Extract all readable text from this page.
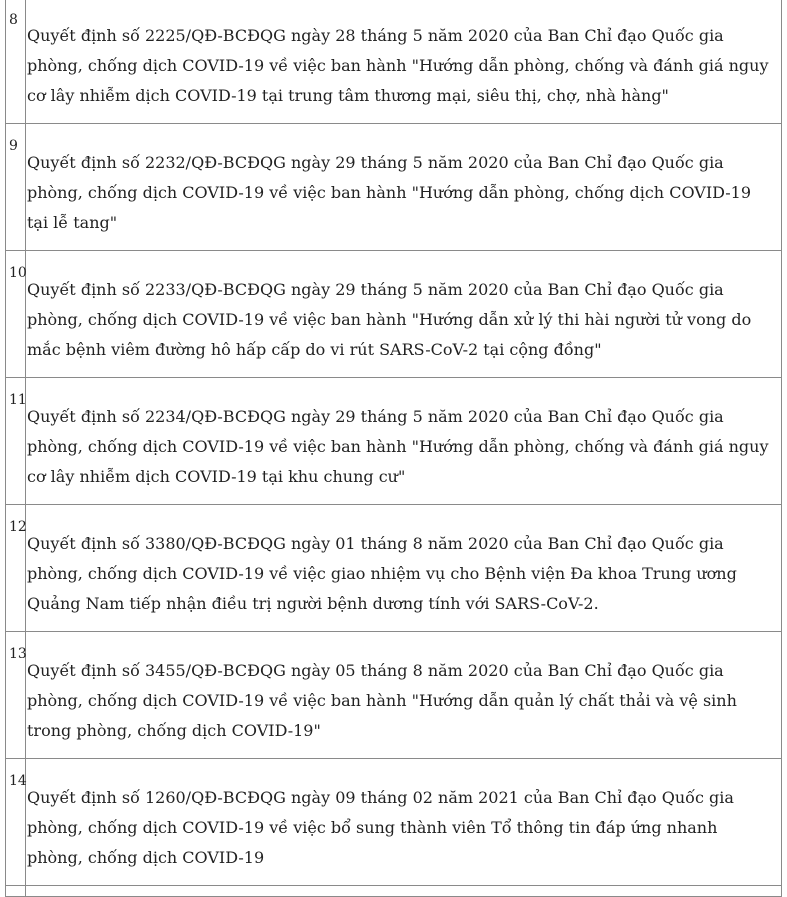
8	Quyết định số 2225/QĐ-BCĐQG ngày 28 tháng 5 năm 2020 của Ban Chỉ đạo Quốc gia phòng, chống dịch COVID-19 về việc ban hành "Hướng dẫn phòng, chống và đánh giá nguy cơ lây nhiễm dịch COVID-19 tại trung tâm thương mại, siêu thị, chợ, nhà hàng"
9	Quyết định số 2232/QĐ-BCĐQG ngày 29 tháng 5 năm 2020 của Ban Chỉ đạo Quốc gia phòng, chống dịch COVID-19 về việc ban hành "Hướng dẫn phòng, chống dịch COVID-19 tại lễ tang"
10	Quyết định số 2233/QĐ-BCĐQG ngày 29 tháng 5 năm 2020 của Ban Chỉ đạo Quốc gia phòng, chống dịch COVID-19 về việc ban hành "Hướng dẫn xử lý thi hài người tử vong do mắc bệnh viêm đường hô hấp cấp do vi rút SARS-CoV-2 tại cộng đồng"
11	Quyết định số 2234/QĐ-BCĐQG ngày 29 tháng 5 năm 2020 của Ban Chỉ đạo Quốc gia phòng, chống dịch COVID-19 về việc ban hành "Hướng dẫn phòng, chống và đánh giá nguy cơ lây nhiễm dịch COVID-19 tại khu chung cư"
12	Quyết định số 3380/QĐ-BCĐQG ngày 01 tháng 8 năm 2020 của Ban Chỉ đạo Quốc gia phòng, chống dịch COVID-19 về việc giao nhiệm vụ cho Bệnh viện Đa khoa Trung ương Quảng Nam tiếp nhận điều trị người bệnh dương tính với SARS-CoV-2.
13	Quyết định số 3455/QĐ-BCĐQG ngày 05 tháng 8 năm 2020 của Ban Chỉ đạo Quốc gia phòng, chống dịch COVID-19 về việc ban hành "Hướng dẫn quản lý chất thải và vệ sinh trong phòng, chống dịch COVID-19"
14	Quyết định số 1260/QĐ-BCĐQG ngày 09 tháng 02 năm 2021 của Ban Chỉ đạo Quốc gia phòng, chống dịch COVID-19 về việc bổ sung thành viên Tổ thông tin đáp ứng nhanh phòng, chống dịch COVID-19
